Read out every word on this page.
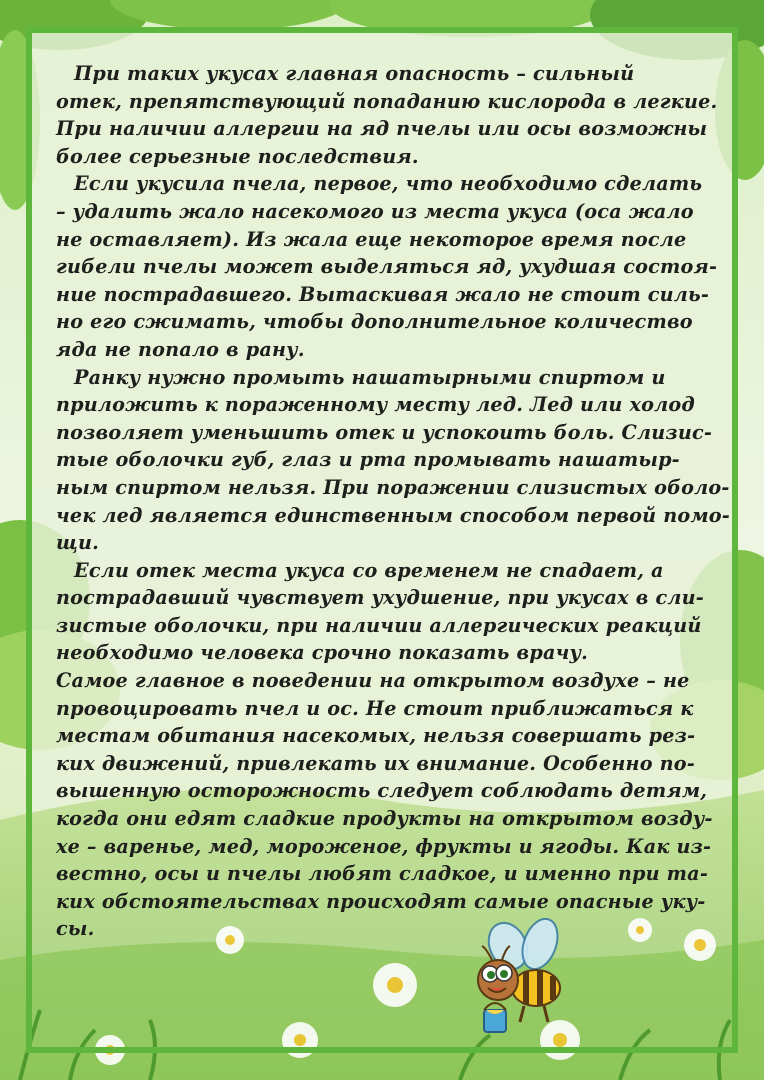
При таких укусах главная опасность – сильный
отек, препятствующий попаданию кислорода в легкие.
При наличии аллергии на яд пчелы или осы возможны
более серьезные последствия.

Если укусила пчела, первое, что необходимо сделать
– удалить жало насекомого из места укуса (оса жало
не оставляет). Из жала еще некоторое время после
гибели пчелы может выделяться яд, ухудшая состоя-
ние пострадавшего. Вытаскивая жало не стоит силь-
но его сжимать, чтобы дополнительное количество
яда не попало в рану.

Ранку нужно промыть нашатырными спиртом и
приложить к пораженному месту лед. Лед или холод
позволяет уменьшить отек и успокоить боль. Слизис-
тые оболочки губ, глаз и рта промывать нашатыр-
ным спиртом нельзя. При поражении слизистых оболо-
чек лед является единственным способом первой помо-
щи.

Если отек места укуса со временем не спадает, а
пострадавший чувствует ухудшение, при укусах в сли-
зистые оболочки, при наличии аллергических реакций
необходимо человека срочно показать врачу.

Самое главное в поведении на открытом воздухе – не
провоцировать пчел и ос. Не стоит приближаться к
местам обитания насекомых, нельзя совершать рез-
ких движений, привлекать их внимание. Особенно по-
вышенную осторожность следует соблюдать детям,
когда они едят сладкие продукты на открытом возду-
хе – варенье, мед, мороженое, фрукты и ягоды. Как из-
вестно, осы и пчелы любят сладкое, и именно при та-
ких обстоятельствах происходят самые опасные уку-
сы.
